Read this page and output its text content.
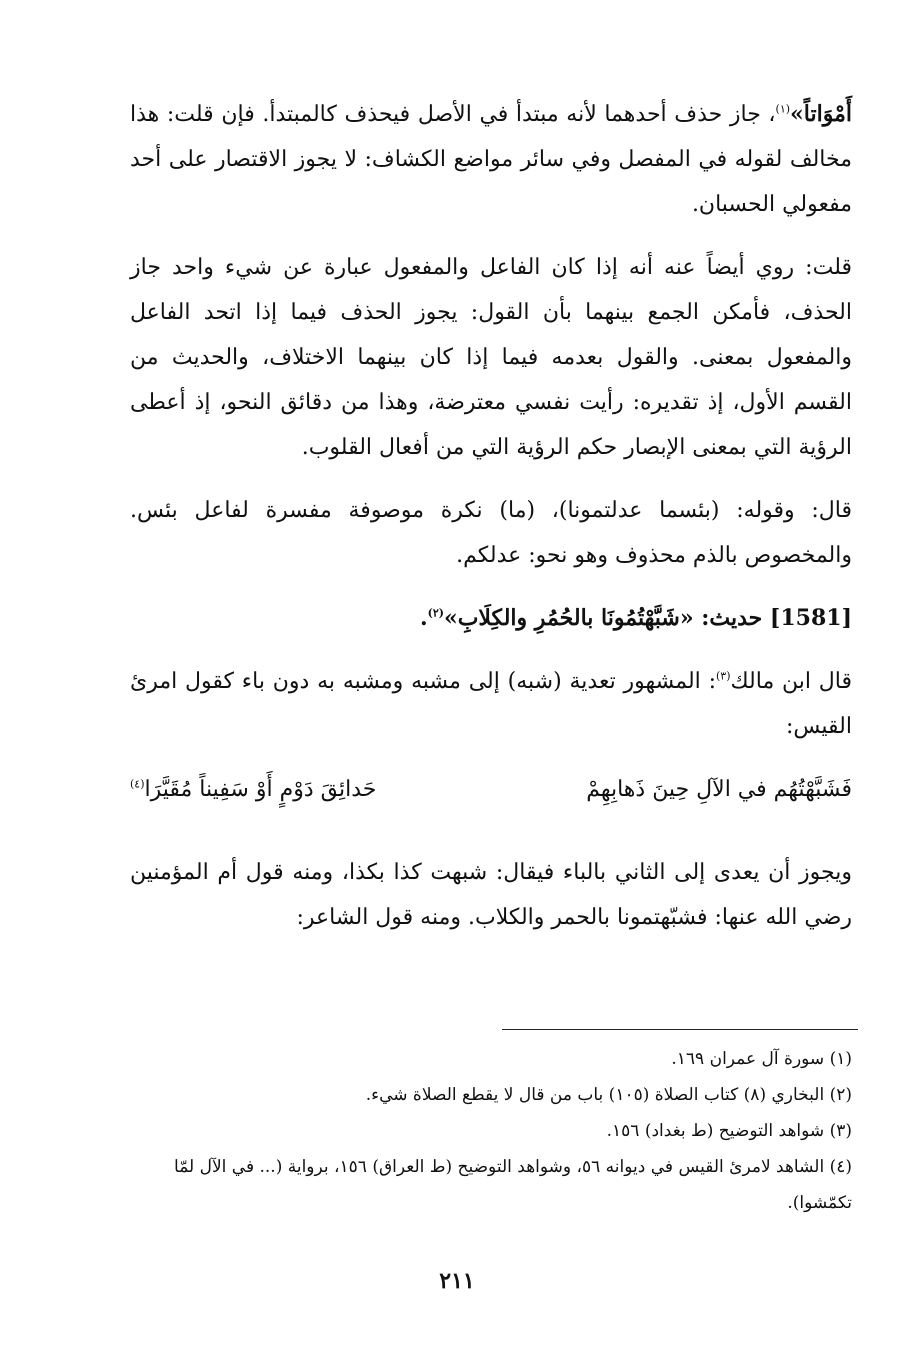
أَمْوَاتاً»$^{(١)}$، جاز حذف أحدهما لأنه مبتدأ في الأصل فيحذف كالمبتدأ. فإن قلت: هذا مخالف لقوله في المفصل وفي سائر مواضع الكشاف: لا يجوز الاقتصار على أحد مفعولي الحسبان.

قلت: روي أيضاً عنه أنه إذا كان الفاعل والمفعول عبارة عن شيء واحد جاز الحذف، فأمكن الجمع بينهما بأن القول: يجوز الحذف فيما إذا اتحد الفاعل والمفعول بمعنى. والقول بعدمه فيما إذا كان بينهما الاختلاف، والحديث من القسم الأول، إذ تقديره: رأيت نفسي معترضة، وهذا من دقائق النحو، إذ أعطى الرؤية التي بمعنى الإبصار حكم الرؤية التي من أفعال القلوب.

قال: وقوله: (بئسما عدلتمونا)، (ما) نكرة موصوفة مفسرة لفاعل بئس. والمخصوص بالذم محذوف وهو نحو: عدلكم.

[1581] حديث: «شَبَّهْتُمُونَا بالحُمُرِ والكِلَابِ»$^{(٢)}$.

قال ابن مالك$^{(٣)}$: المشهور تعدية (شبه) إلى مشبه ومشبه به دون باء كقول امرئ القيس:

فَشَبَّهْتُهُم في الآلِ حِينَ ذَهابِهِمْ
حَدائِقَ دَوْمٍ أَوْ سَفِيناً مُقَيَّرَا$^{(٤)}$

ويجوز أن يعدى إلى الثاني بالباء فيقال: شبهت كذا بكذا، ومنه قول أم المؤمنين رضي الله عنها: فشبّهتمونا بالحمر والكلاب. ومنه قول الشاعر:

(١) سورة آل عمران ١٦٩.
(٢) البخاري (٨) كتاب الصلاة (١٠٥) باب من قال لا يقطع الصلاة شيء.
(٣) شواهد التوضيح (ط بغداد) ١٥٦.
(٤) الشاهد لامرئ القيس في ديوانه ٥٦، وشواهد التوضيح (ط العراق) ١٥٦، برواية (... في الآل لمّا تكمّشوا).
٢١١
